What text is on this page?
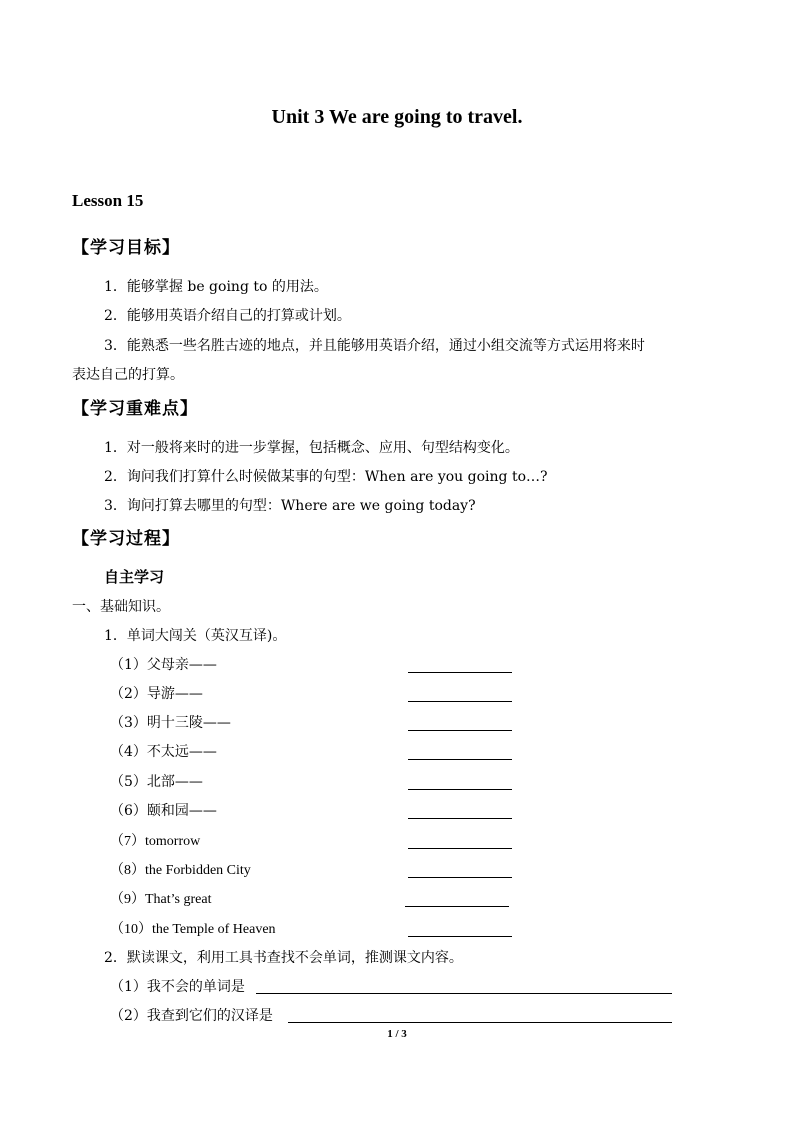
Unit 3 We are going to travel.
Lesson 15
【学习目标】
1．能够掌握 be going to 的用法。
2．能够用英语介绍自己的打算或计划。
3．能熟悉一些名胜古迹的地点，并且能够用英语介绍，通过小组交流等方式运用将来时
表达自己的打算。
【学习重难点】
1．对一般将来时的进一步掌握，包括概念、应用、句型结构变化。
2．询问我们打算什么时候做某事的句型：When are you going to…?
3．询问打算去哪里的句型：Where are we going today?
【学习过程】
自主学习
一、基础知识。
1．单词大闯关（英汉互译)。
（1）父母亲——
（2）导游——
（3）明十三陵——
（4）不太远——
（5）北部——
（6）颐和园——
（7）tomorrow
（8）the Forbidden City
（9）That’s great
（10）the Temple of Heaven
2．默读课文，利用工具书查找不会单词，推测课文内容。
（1）我不会的单词是
（2）我查到它们的汉译是
1 / 3
